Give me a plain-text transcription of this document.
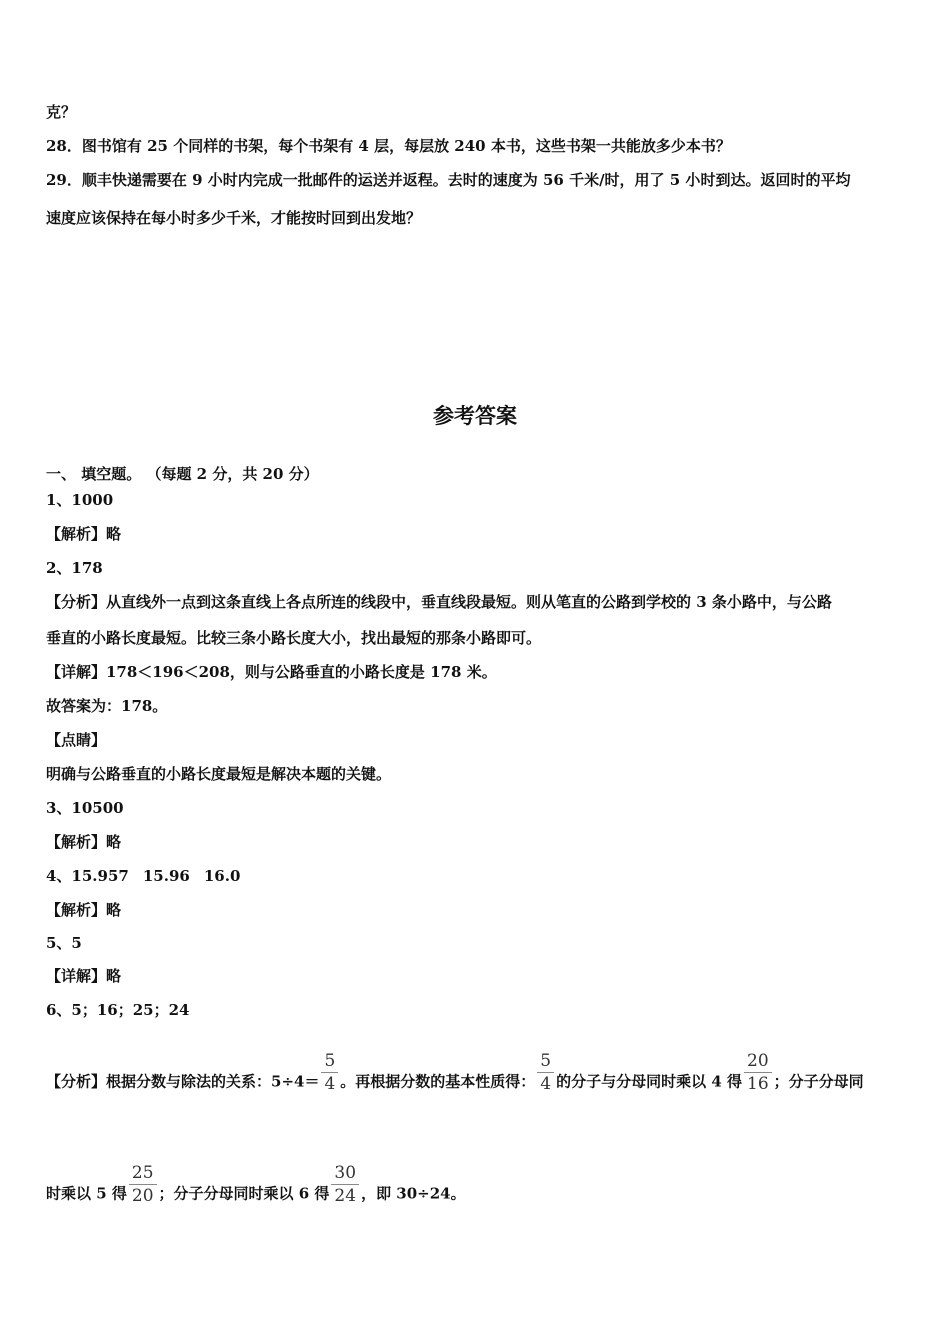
克？
28．图书馆有 25 个同样的书架，每个书架有 4 层，每层放 240 本书，这些书架一共能放多少本书？
29．顺丰快递需要在 9 小时内完成一批邮件的运送并返程。去时的速度为 56 千米/时，用了 5 小时到达。返回时的平均
速度应该保持在每小时多少千米，才能按时回到出发地？
参考答案
一、 填空题。 （每题 2 分，共 20 分）
1、1000
【解析】略
2、178
【分析】从直线外一点到这条直线上各点所连的线段中，垂直线段最短。则从笔直的公路到学校的 3 条小路中，与公路
垂直的小路长度最短。比较三条小路长度大小，找出最短的那条小路即可。
【详解】178＜196＜208，则与公路垂直的小路长度是 178 米。
故答案为：178。
【点睛】
明确与公路垂直的小路长度最短是解决本题的关键。
3、10500
【解析】略
4、15.957 15.96 16.0
【解析】略
5、5
【详解】略
6、5；16；25；24
【分析】根据分数与除法的关系：$5\div 4= \frac{5}{4}$ 。再根据分数的基本性质得： $\frac{5}{4}$ 的分子与分母同时乘以 4 得 $\frac{20}{16}$ ；分子分母同
时乘以 5 得 $\frac{25}{20}$ ；分子分母同时乘以 6 得 $\frac{30}{24}$ ，即 30÷24。
